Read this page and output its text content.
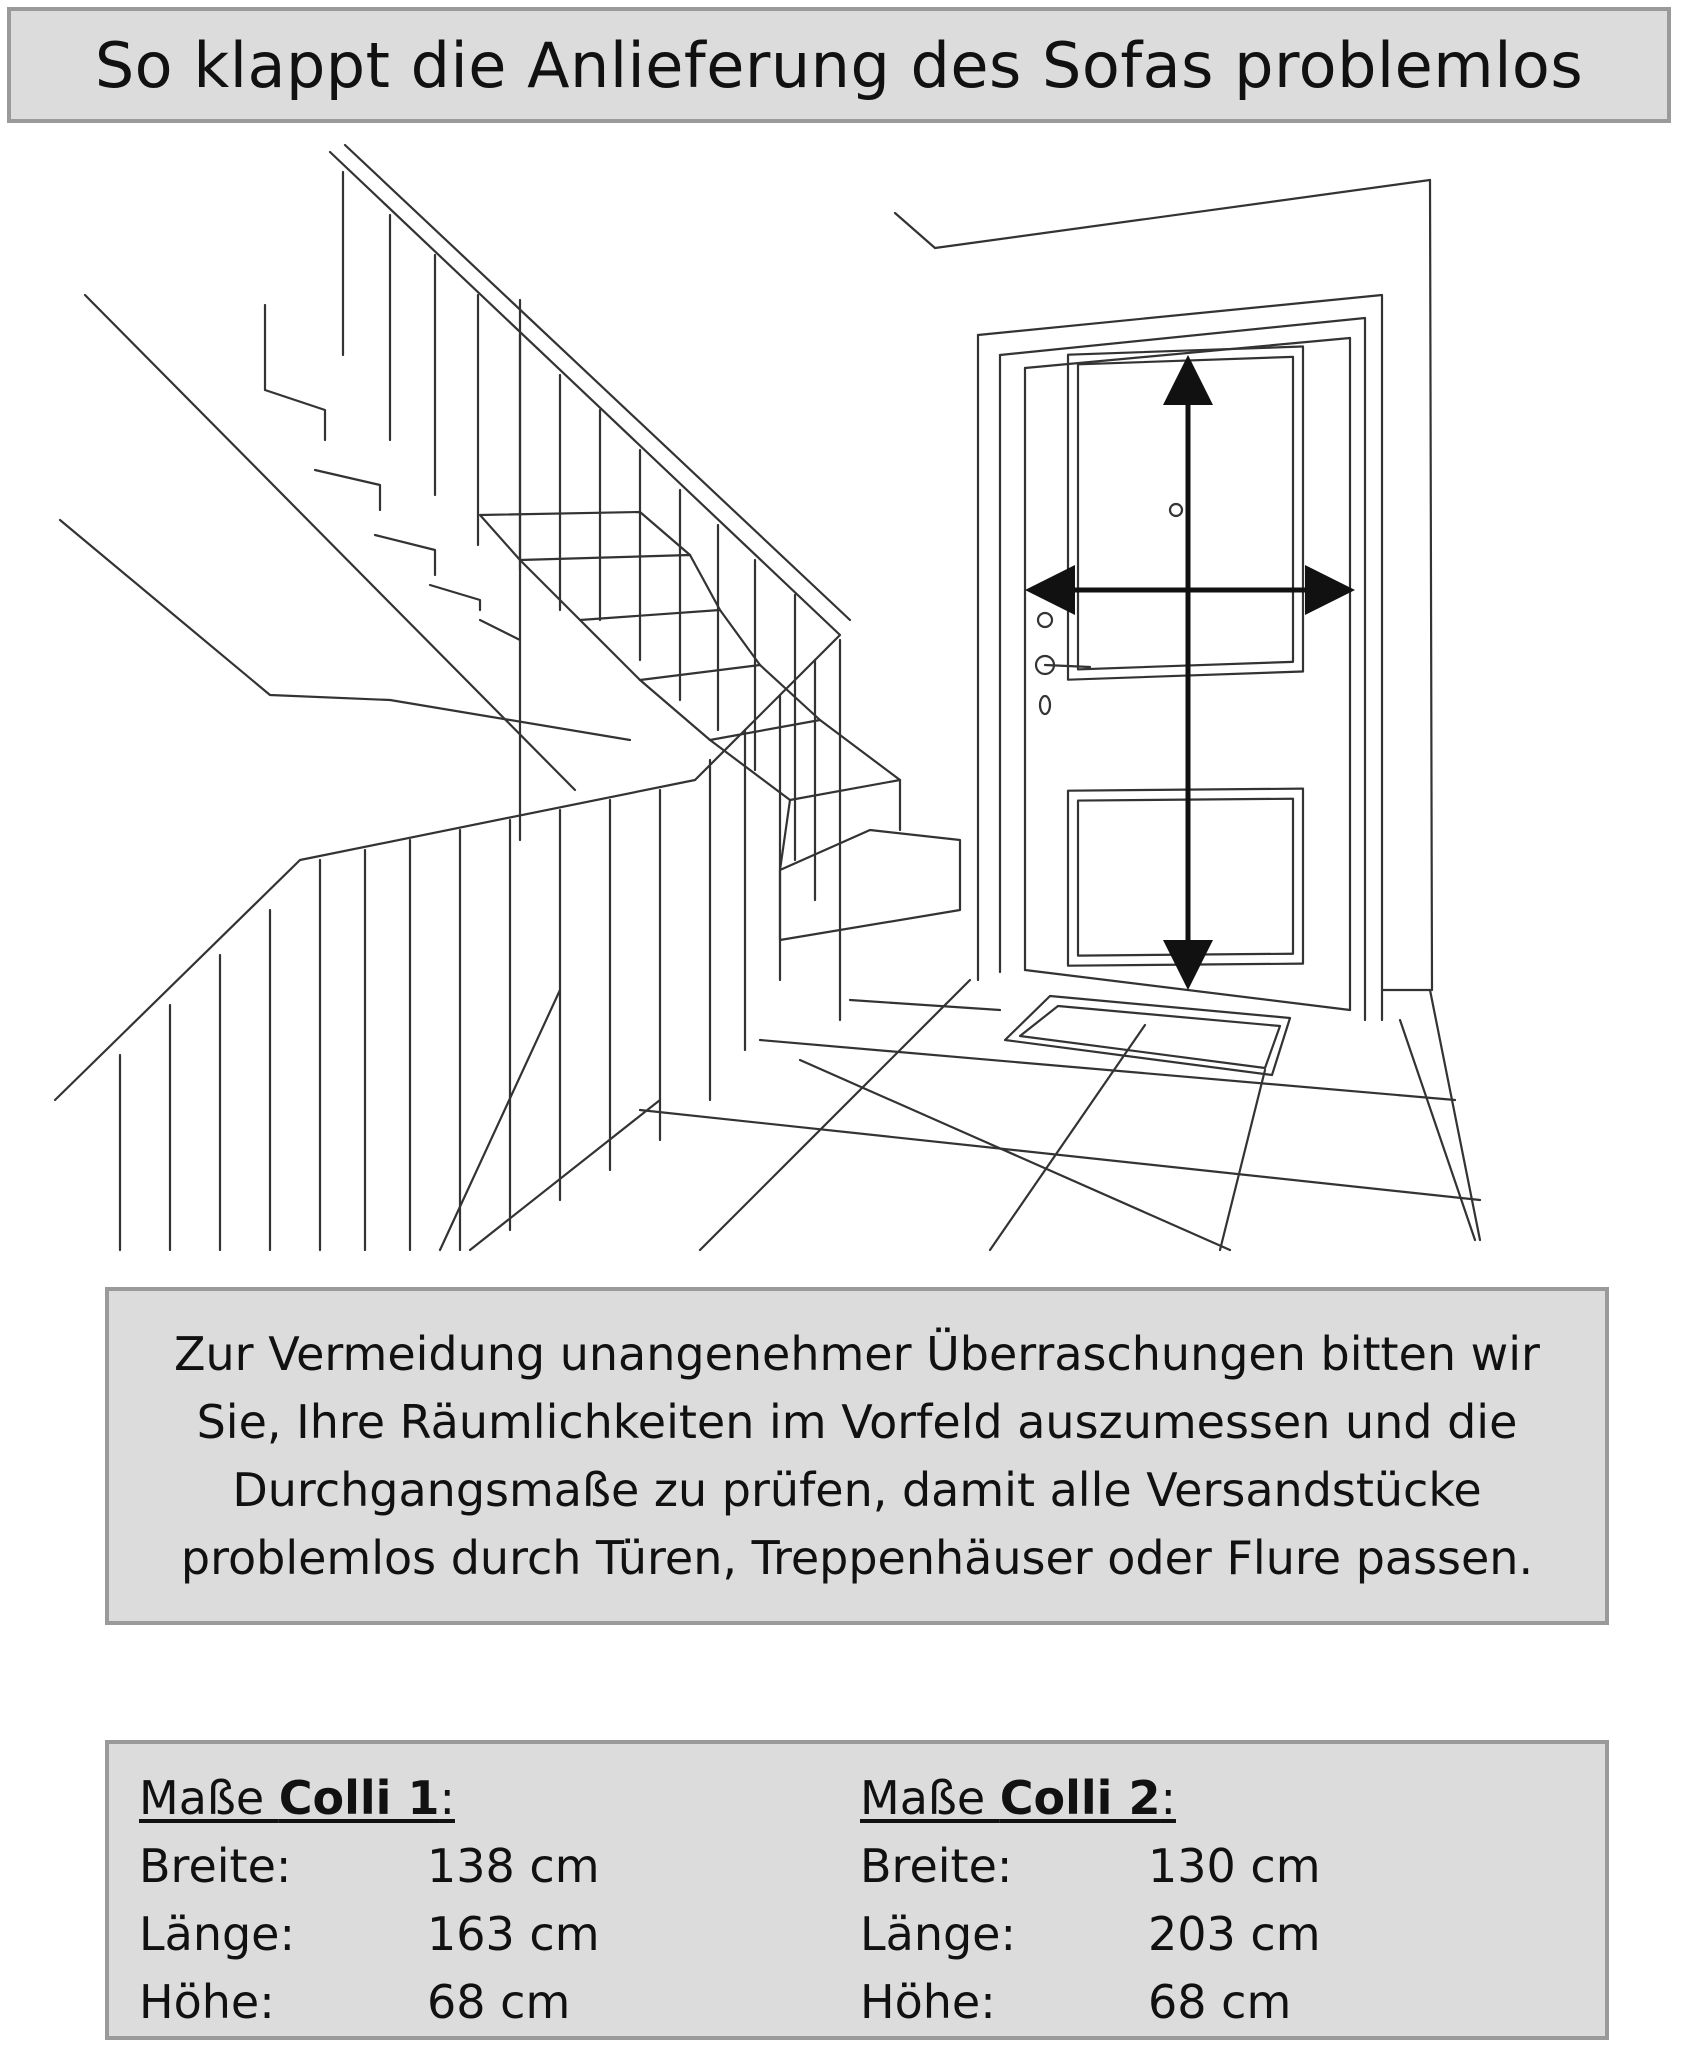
So klappt die Anlieferung des Sofas problemlos
Zur Vermeidung unangenehmer Überraschungen bitten wir Sie, Ihre Räumlichkeiten im Vorfeld auszumessen und die Durchgangsmaße zu prüfen, damit alle Versandstücke problemlos durch Türen, Treppenhäuser oder Flure passen.
Maße Colli 1:
Breite:	138 cm
Länge:	163 cm
Höhe:	68 cm
Maße Colli 2:
Breite:	130 cm
Länge:	203 cm
Höhe:	68 cm
